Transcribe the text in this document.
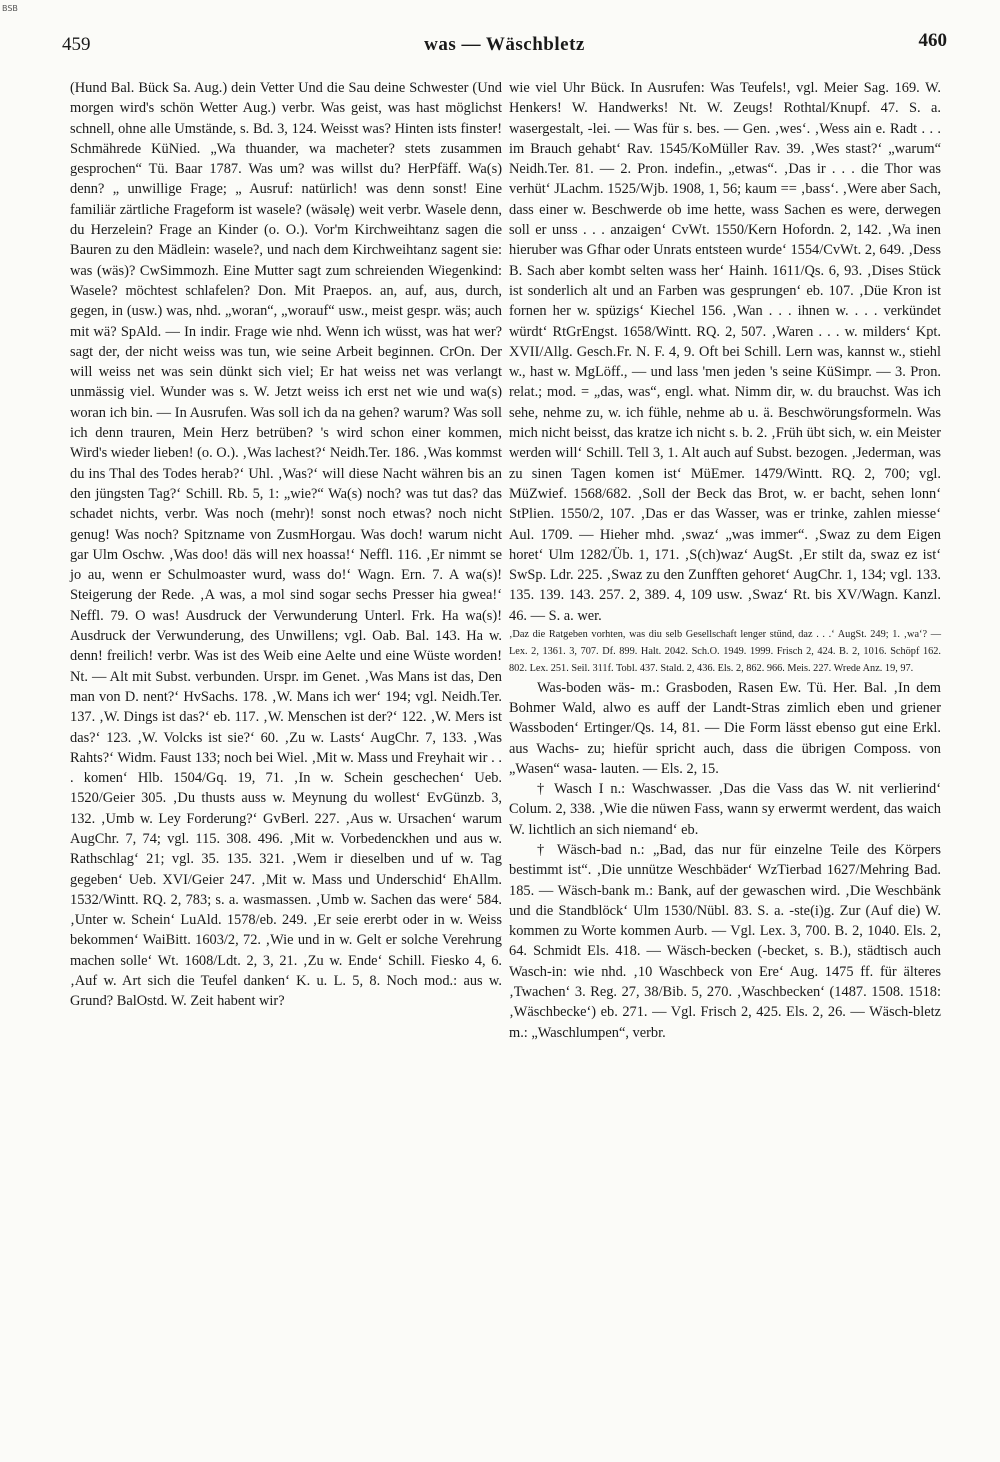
BSB
459	was — Wäschbletz	460

(Hund Bal. Bück Sa. Aug.) dein Vetter Und die Sau deine Schwester (Und morgen wird's schön Wetter Aug.) verbr. Was geist, was hast möglichst schnell, ohne alle Umstände, s. Bd. 3, 124. Weisst was? Hinten ists finster! Schmährede KüNied. „Wa thuander, wa macheter? stets zusammen gesprochen“ Tü. Baar 1787. Was um? was willst du? HerPfäff. Wa(s) denn? „ unwillige Frage; „ Ausruf: natürlich! was denn sonst! Eine familiär zärtliche Frageform ist wasele? (wäsəlę) weit verbr. Wasele denn, du Herzelein? Frage an Kinder (o. O.). Vor'm Kirchweihtanz sagen die Bauren zu den Mädlein: wasele?, und nach dem Kirchweihtanz sagent sie: was (wäs)? CwSimmozh. Eine Mutter sagt zum schreienden Wiegenkind: Wasele? möchtest schlafelen? Don. Mit Praepos. an, auf, aus, durch, gegen, in (usw.) was, nhd. „woran“, „worauf“ usw., meist gespr. wäs; auch mit wä? SpAld. — In indir. Frage wie nhd. Wenn ich wüsst, was hat wer? sagt der, der nicht weiss was tun, wie seine Arbeit beginnen. CrOn. Der will weiss net was sein dünkt sich viel; Er hat weiss net was verlangt unmässig viel. Wunder was s. W. Jetzt weiss ich erst net wie und wa(s) woran ich bin. — In Ausrufen. Was soll ich da na gehen? warum? Was soll ich denn trauren, Mein Herz betrüben? 's wird schon einer kommen, Wird's wieder lieben! (o. O.). ‚Was lachest?‘ Neidh.Ter. 186. ‚Was kommst du ins Thal des Todes herab?‘ Uhl. ‚Was?‘ will diese Nacht währen bis an den jüngsten Tag?‘ Schill. Rb. 5, 1: „wie?“ Wa(s) noch? was tut das? das schadet nichts, verbr. Was noch (mehr)! sonst noch etwas? noch nicht genug! Was noch? Spitzname von ZusmHorgau. Was doch! warum nicht gar Ulm Oschw. ‚Was doo! däs will nex hoassa!‘ Neffl. 116. ‚Er nimmt se jo au, wenn er Schulmoaster wurd, wass do!‘ Wagn. Ern. 7. A wa(s)! Steigerung der Rede. ‚A was, a mol sind sogar sechs Presser hia gwea!‘ Neffl. 79. O was! Ausdruck der Verwunderung Unterl. Frk. Ha wa(s)! Ausdruck der Verwunderung, des Unwillens; vgl. Oab. Bal. 143. Ha w. denn! freilich! verbr. Was ist des Weib eine Aelte und eine Wüste worden! Nt. — Alt mit Subst. verbunden. Urspr. im Genet. ‚Was Mans ist das, Den man von D. nent?‘ HvSachs. 178. ‚W. Mans ich wer‘ 194; vgl. Neidh.Ter. 137. ‚W. Dings ist das?‘ eb. 117. ‚W. Menschen ist der?‘ 122. ‚W. Mers ist das?‘ 123. ‚W. Volcks ist sie?‘ 60. ‚Zu w. Lasts‘ AugChr. 7, 133. ‚Was Rahts?‘ Widm. Faust 133; noch bei Wiel. ‚Mit w. Mass und Freyhait wir . . . komen‘ Hlb. 1504/Gq. 19, 71. ‚In w. Schein geschechen‘ Ueb. 1520/Geier 305. ‚Du thusts auss w. Meynung du wollest‘ EvGünzb. 3, 132. ‚Umb w. Ley Forderung?‘ GvBerl. 227. ‚Aus w. Ursachen‘ warum AugChr. 7, 74; vgl. 115. 308. 496. ‚Mit w. Vorbedenckhen und aus w. Rathschlag‘ 21; vgl. 35. 135. 321. ‚Wem ir dieselben und uf w. Tag gegeben‘ Ueb. XVI/Geier 247. ‚Mit w. Mass und Underschid‘ EhAllm. 1532/Wintt. RQ. 2, 783; s. a. wasmassen. ‚Umb w. Sachen das were‘ 584. ‚Unter w. Schein‘ LuAld. 1578/eb. 249. ‚Er seie ererbt oder in w. Weiss bekommen‘ WaiBitt. 1603/2, 72. ‚Wie und in w. Gelt er solche Verehrung machen solle‘ Wt. 1608/Ldt. 2, 3, 21. ‚Zu w. Ende‘ Schill. Fiesko 4, 6. ‚Auf w. Art sich die Teufel danken‘ K. u. L. 5, 8. Noch mod.: aus w. Grund? BalOstd. W. Zeit habent wir?

wie viel Uhr Bück. In Ausrufen: Was Teufels!, vgl. Meier Sag. 169. W. Henkers! W. Handwerks! Nt. W. Zeugs! Rothtal/Knupf. 47. S. a. wasergestalt, -lei. — Was für s. bes. — Gen. ‚wes‘. ‚Wess ain e. Radt . . . im Brauch gehabt‘ Rav. 1545/KoMüller Rav. 39. ‚Wes stast?‘ „warum“ Neidh.Ter. 81. — 2. Pron. indefin., „etwas“. ‚Das ir . . . die Thor was verhüt‘ JLachm. 1525/Wjb. 1908, 1, 56; kaum == ‚bass‘. ‚Were aber Sach, dass einer w. Beschwerde ob ime hette, wass Sachen es were, derwegen soll er unss . . . anzaigen‘ CvWt. 1550/Kern Hofordn. 2, 142. ‚Wa inen hieruber was Gfhar oder Unrats entsteen wurde‘ 1554/CvWt. 2, 649. ‚Dess B. Sach aber kombt selten wass her‘ Hainh. 1611/Qs. 6, 93. ‚Dises Stück ist sonderlich alt und an Farben was gesprungen‘ eb. 107. ‚Düe Kron ist fornen her w. spüzigs‘ Kiechel 156. ‚Wan . . . ihnen w. . . . verkündet würdt‘ RtGrEngst. 1658/Wintt. RQ. 2, 507. ‚Waren . . . w. milders‘ Kpt. XVII/Allg. Gesch.Fr. N. F. 4, 9. Oft bei Schill. Lern was, kannst w., stiehl w., hast w. MgLöff., — und lass 'men jeden 's seine KüSimpr. — 3. Pron. relat.; mod. = „das, was“, engl. what. Nimm dir, w. du brauchst. Was ich sehe, nehme zu, w. ich fühle, nehme ab u. ä. Beschwörungsformeln. Was mich nicht beisst, das kratze ich nicht s. b. 2. ‚Früh übt sich, w. ein Meister werden will‘ Schill. Tell 3, 1. Alt auch auf Subst. bezogen. ‚Jederman, was zu sinen Tagen komen ist‘ MüEmer. 1479/Wintt. RQ. 2, 700; vgl. MüZwief. 1568/682. ‚Soll der Beck das Brot, w. er bacht, sehen lonn‘ StPlien. 1550/2, 107. ‚Das er das Wasser, was er trinke, zahlen miesse‘ Aul. 1709. — Hieher mhd. ‚swaz‘ „was immer“. ‚Swaz zu dem Eigen horet‘ Ulm 1282/Üb. 1, 171. ‚S(ch)waz‘ AugSt. ‚Er stilt da, swaz ez ist‘ SwSp. Ldr. 225. ‚Swaz zu den Zunfften gehoret‘ AugChr. 1, 134; vgl. 133. 135. 139. 143. 257. 2, 389. 4, 109 usw. ‚Swaz‘ Rt. bis XV/Wagn. Kanzl. 46. — S. a. wer.

‚Daz die Ratgeben vorhten, was diu selb Gesellschaft lenger stünd, daz . . .‘ AugSt. 249; 1. ‚wa‘? — Lex. 2, 1361. 3, 707. Df. 899. Halt. 2042. Sch.O. 1949. 1999. Frisch 2, 424. B. 2, 1016. Schöpf 162. 802. Lex. 251. Seil. 311f. Tobl. 437. Stald. 2, 436. Els. 2, 862. 966. Meis. 227. Wrede Anz. 19, 97.

Was-boden wäs- m.: Grasboden, Rasen Ew. Tü. Her. Bal. ‚In dem Bohmer Wald, alwo es auff der Landt-Stras zimlich eben und griener Wassboden‘ Ertinger/Qs. 14, 81. — Die Form lässt ebenso gut eine Erkl. aus Wachs- zu; hiefür spricht auch, dass die übrigen Composs. von „Wasen“ wasa- lauten. — Els. 2, 15.

† Wasch I n.: Waschwasser. ‚Das die Vass das W. nit verlierind‘ Colum. 2, 338. ‚Wie die nüwen Fass, wann sy erwermt werdent, das waich W. lichtlich an sich niemand‘ eb.

† Wäsch-bad n.: „Bad, das nur für einzelne Teile des Körpers bestimmt ist“. ‚Die unnütze Weschbäder‘ WzTierbad 1627/Mehring Bad. 185. — Wäsch-bank m.: Bank, auf der gewaschen wird. ‚Die Weschbänk und die Standblöck‘ Ulm 1530/Nübl. 83. S. a. -ste(i)g. Zur (Auf die) W. kommen zu Worte kommen Aurb. — Vgl. Lex. 3, 700. B. 2, 1040. Els. 2, 64. Schmidt Els. 418. — Wäsch-becken (-becket, s. B.), städtisch auch Wasch-in: wie nhd. ‚10 Waschbeck von Ere‘ Aug. 1475 ff. für älteres ‚Twachen‘ 3. Reg. 27, 38/Bib. 5, 270. ‚Waschbecken‘ (1487. 1508. 1518: ‚Wäschbecke‘) eb. 271. — Vgl. Frisch 2, 425. Els. 2, 26. — Wäsch-bletz m.: „Waschlumpen“, verbr.
